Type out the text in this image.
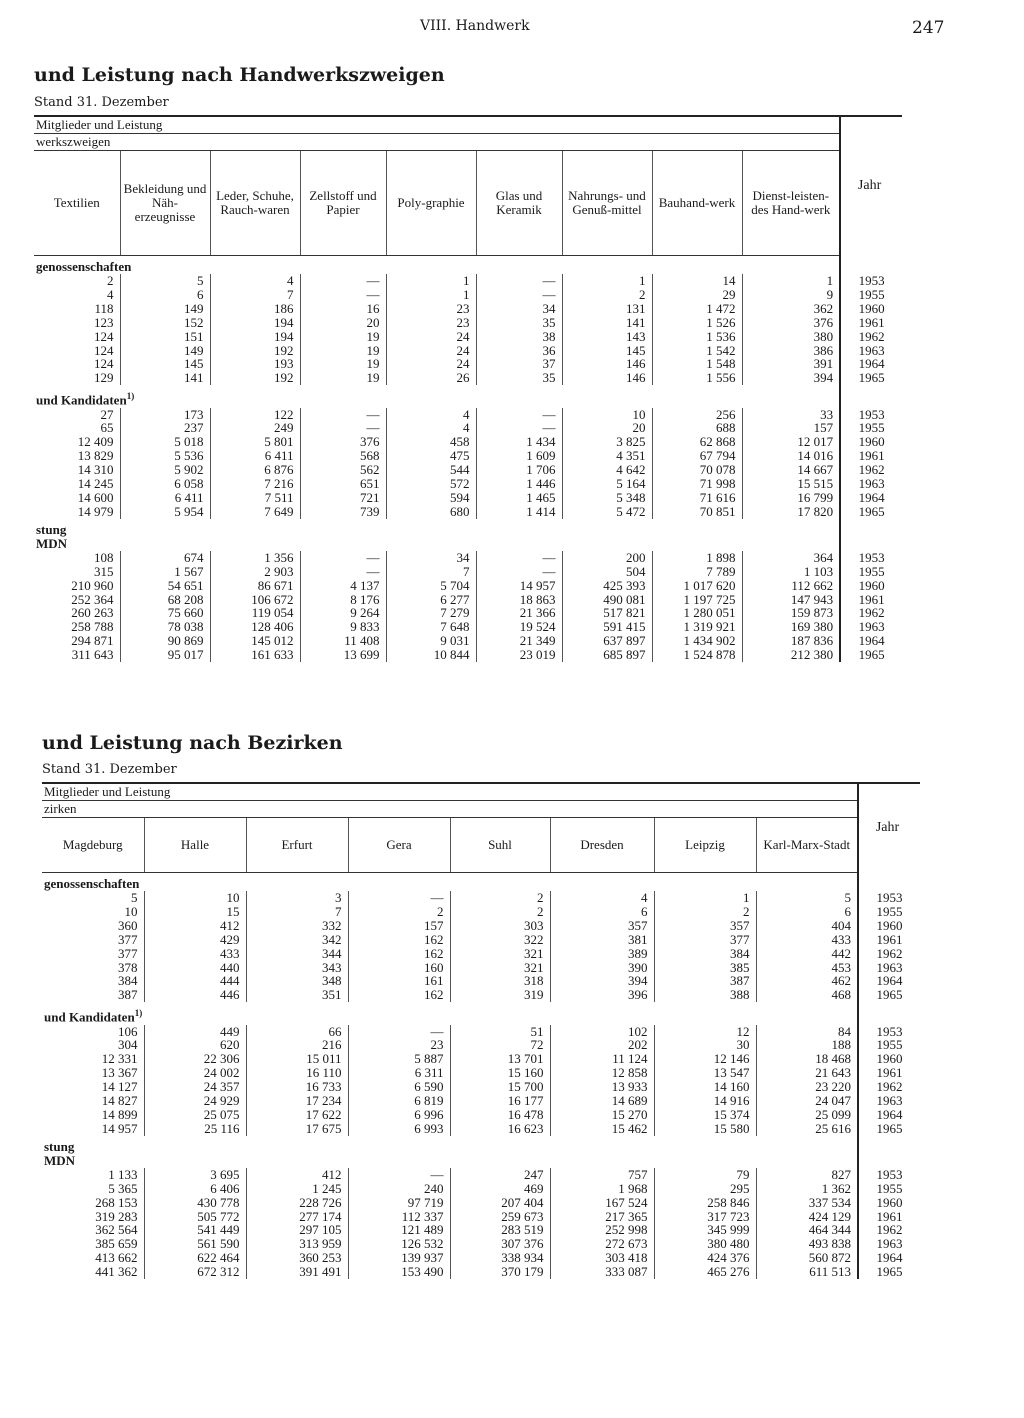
VIII. Handwerk	247
und Leistung nach Handwerkszweigen
Stand 31. Dezember
Mitglieder und Leistung									Jahr
werkszweigen									
Textilien	Bekleidung und Näh-erzeugnisse	Leder, Schuhe, Rauch-waren	Zellstoff und Papier	Poly-graphie	Glas und Keramik	Nahrungs- und Genuß-mittel	Bauhand-werk	Dienst-leisten-des Hand-werk	
genossenschaften									
2	5	4	—	1	—	1	14	1	1953
4	6	7	—	1	—	2	29	9	1955
118	149	186	16	23	34	131	1 472	362	1960
123	152	194	20	23	35	141	1 526	376	1961
124	151	194	19	24	38	143	1 536	380	1962
124	149	192	19	24	36	145	1 542	386	1963
124	145	193	19	24	37	146	1 548	391	1964
129	141	192	19	26	35	146	1 556	394	1965
und Kandidaten$^{1)}$	
27	173	122	—	4	—	10	256	33	1953
65	237	249	—	4	—	20	688	157	1955
12 409	5 018	5 801	376	458	1 434	3 825	62 868	12 017	1960
13 829	5 536	6 411	568	475	1 609	4 351	67 794	14 016	1961
14 310	5 902	6 876	562	544	1 706	4 642	70 078	14 667	1962
14 245	6 058	7 216	651	572	1 446	5 164	71 998	15 515	1963
14 600	6 411	7 511	721	594	1 465	5 348	71 616	16 799	1964
14 979	5 954	7 649	739	680	1 414	5 472	70 851	17 820	1965
stung
MDN									
108	674	1 356	—	34	—	200	1 898	364	1953
315	1 567	2 903	—	7	—	504	7 789	1 103	1955
210 960	54 651	86 671	4 137	5 704	14 957	425 393	1 017 620	112 662	1960
252 364	68 208	106 672	8 176	6 277	18 863	490 081	1 197 725	147 943	1961
260 263	75 660	119 054	9 264	7 279	21 366	517 821	1 280 051	159 873	1962
258 788	78 038	128 406	9 833	7 648	19 524	591 415	1 319 921	169 380	1963
294 871	90 869	145 012	11 408	9 031	21 349	637 897	1 434 902	187 836	1964
311 643	95 017	161 633	13 699	10 844	23 019	685 897	1 524 878	212 380	1965
und Leistung nach Bezirken
Stand 31. Dezember
Mitglieder und Leistung								Jahr
zirken								
Magdeburg	Halle	Erfurt	Gera	Suhl	Dresden	Leipzig	Karl-Marx-Stadt	
genossenschaften								
5	10	3	—	2	4	1	5	1953
10	15	7	2	2	6	2	6	1955
360	412	332	157	303	357	357	404	1960
377	429	342	162	322	381	377	433	1961
377	433	344	162	321	389	384	442	1962
378	440	343	160	321	390	385	453	1963
384	444	348	161	318	394	387	462	1964
387	446	351	162	319	396	388	468	1965
und Kandidaten$^{1)}$	
106	449	66	—	51	102	12	84	1953
304	620	216	23	72	202	30	188	1955
12 331	22 306	15 011	5 887	13 701	11 124	12 146	18 468	1960
13 367	24 002	16 110	6 311	15 160	12 858	13 547	21 643	1961
14 127	24 357	16 733	6 590	15 700	13 933	14 160	23 220	1962
14 827	24 929	17 234	6 819	16 177	14 689	14 916	24 047	1963
14 899	25 075	17 622	6 996	16 478	15 270	15 374	25 099	1964
14 957	25 116	17 675	6 993	16 623	15 462	15 580	25 616	1965
stung
MDN								
1 133	3 695	412	—	247	757	79	827	1953
5 365	6 406	1 245	240	469	1 968	295	1 362	1955
268 153	430 778	228 726	97 719	207 404	167 524	258 846	337 534	1960
319 283	505 772	277 174	112 337	259 673	217 365	317 723	424 129	1961
362 564	541 449	297 105	121 489	283 519	252 998	345 999	464 344	1962
385 659	561 590	313 959	126 532	307 376	272 673	380 480	493 838	1963
413 662	622 464	360 253	139 937	338 934	303 418	424 376	560 872	1964
441 362	672 312	391 491	153 490	370 179	333 087	465 276	611 513	1965
